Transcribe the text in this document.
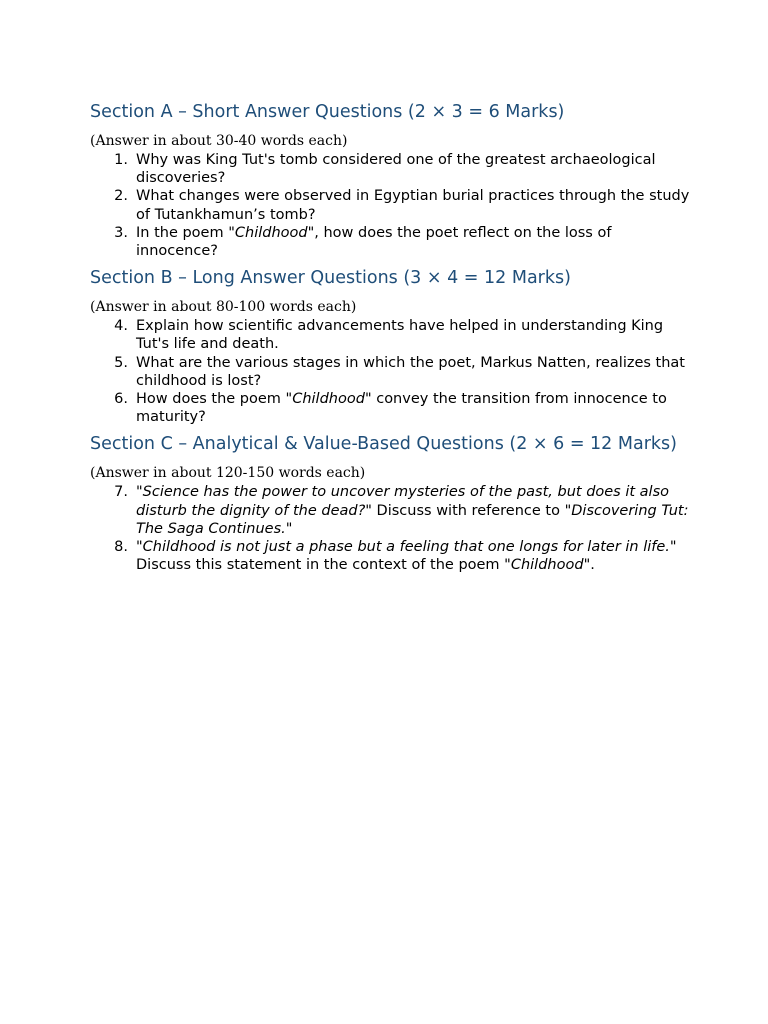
Section A – Short Answer Questions (2 × 3 = 6 Marks)

(Answer in about 30-40 words each)

1. Why was King Tut's tomb considered one of the greatest archaeological discoveries?
2. What changes were observed in Egyptian burial practices through the study of Tutankhamun’s tomb?
3. In the poem "Childhood", how does the poet reflect on the loss of innocence?
Section B – Long Answer Questions (3 × 4 = 12 Marks)

(Answer in about 80-100 words each)

4. Explain how scientific advancements have helped in understanding King Tut's life and death.
5. What are the various stages in which the poet, Markus Natten, realizes that childhood is lost?
6. How does the poem "Childhood" convey the transition from innocence to maturity?
Section C – Analytical & Value-Based Questions (2 × 6 = 12 Marks)

(Answer in about 120-150 words each)

7. "Science has the power to uncover mysteries of the past, but does it also disturb the dignity of the dead?" Discuss with reference to "Discovering Tut: The Saga Continues."
8. "Childhood is not just a phase but a feeling that one longs for later in life." Discuss this statement in the context of the poem "Childhood".
